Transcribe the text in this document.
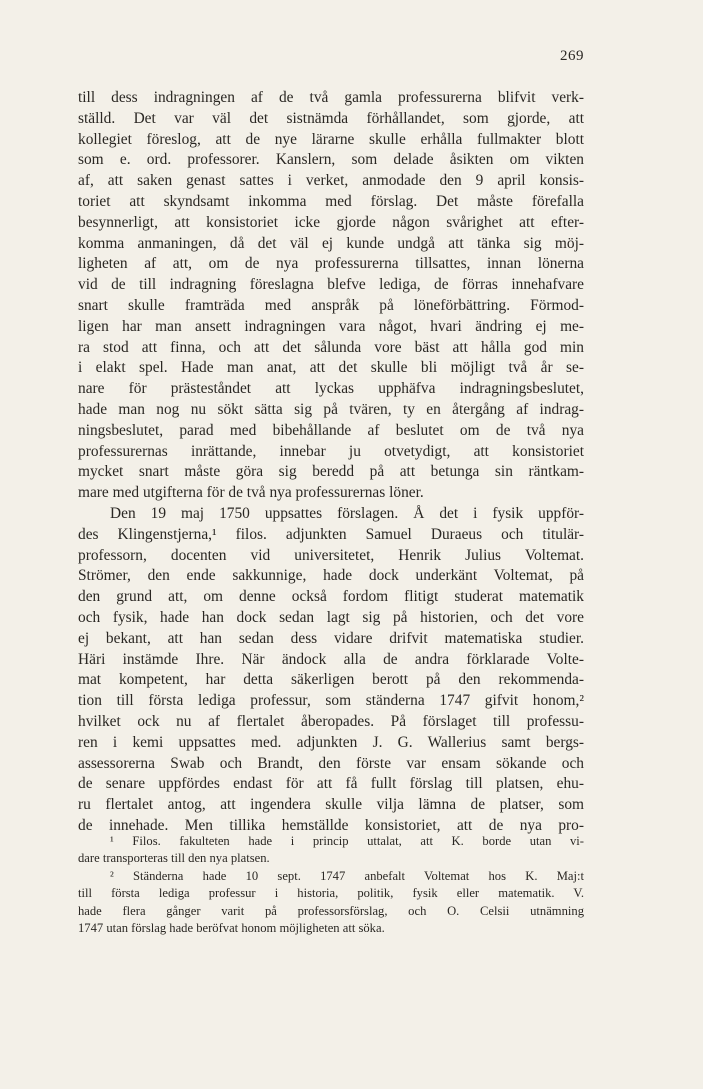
269
till dess indragningen af de två gamla professurerna blifvit verk-
ställd. Det var väl det sistnämda förhållandet, som gjorde, att
kollegiet föreslog, att de nye lärarne skulle erhålla fullmakter blott
som e. ord. professorer. Kanslern, som delade åsikten om vikten
af, att saken genast sattes i verket, anmodade den 9 april konsis-
toriet att skyndsamt inkomma med förslag. Det måste förefalla
besynnerligt, att konsistoriet icke gjorde någon svårighet att efter-
komma anmaningen, då det väl ej kunde undgå att tänka sig möj-
ligheten af att, om de nya professurerna tillsattes, innan lönerna
vid de till indragning föreslagna blefve lediga, de förras innehafvare
snart skulle framträda med anspråk på löneförbättring. Förmod-
ligen har man ansett indragningen vara något, hvari ändring ej me-
ra stod att finna, och att det sålunda vore bäst att hålla god min
i elakt spel. Hade man anat, att det skulle bli möjligt två år se-
nare för prästeståndet att lyckas upphäfva indragningsbeslutet,
hade man nog nu sökt sätta sig på tvären, ty en återgång af indrag-
ningsbeslutet, parad med bibehållande af beslutet om de två nya
professurernas inrättande, innebar ju otvetydigt, att konsistoriet
mycket snart måste göra sig beredd på att betunga sin räntkam-
mare med utgifterna för de två nya professurernas löner.
Den 19 maj 1750 uppsattes förslagen. Å det i fysik uppför-
des Klingenstjerna,¹ filos. adjunkten Samuel Duraeus och titulär-
professorn, docenten vid universitetet, Henrik Julius Voltemat.
Strömer, den ende sakkunnige, hade dock underkänt Voltemat, på
den grund att, om denne också fordom flitigt studerat matematik
och fysik, hade han dock sedan lagt sig på historien, och det vore
ej bekant, att han sedan dess vidare drifvit matematiska studier.
Häri instämde Ihre. När ändock alla de andra förklarade Volte-
mat kompetent, har detta säkerligen berott på den rekommenda-
tion till första lediga professur, som ständerna 1747 gifvit honom,²
hvilket ock nu af flertalet åberopades. På förslaget till professu-
ren i kemi uppsattes med. adjunkten J. G. Wallerius samt bergs-
assessorerna Swab och Brandt, den förste var ensam sökande och
de senare uppfördes endast för att få fullt förslag till platsen, ehu-
ru flertalet antog, att ingendera skulle vilja lämna de platser, som
de innehade. Men tillika hemställde konsistoriet, att de nya pro-
¹ Filos. fakulteten hade i princip uttalat, att K. borde utan vi-
dare transporteras till den nya platsen.
² Ständerna hade 10 sept. 1747 anbefalt Voltemat hos K. Maj:t
till första lediga professur i historia, politik, fysik eller matematik. V.
hade flera gånger varit på professorsförslag, och O. Celsii utnämning
1747 utan förslag hade beröfvat honom möjligheten att söka.
